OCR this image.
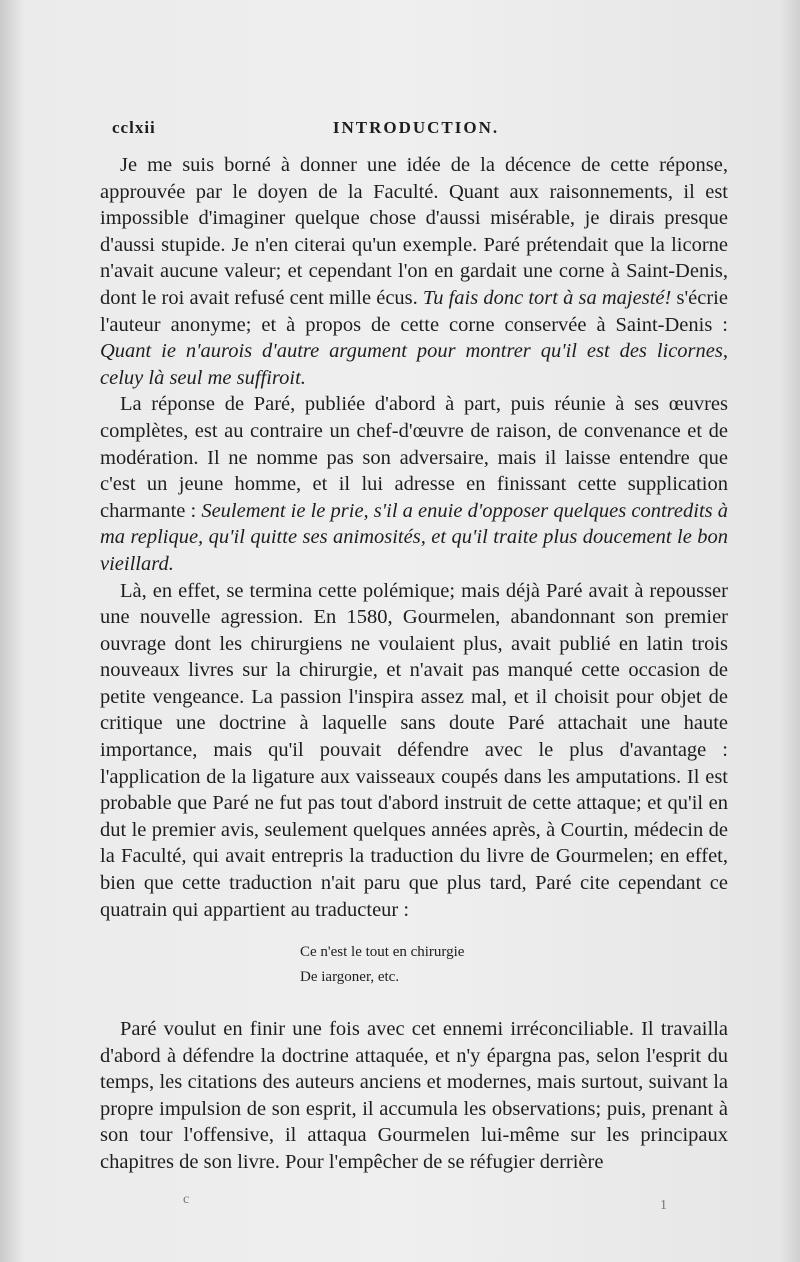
cclxii	INTRODUCTION.

Je me suis borné à donner une idée de la décence de cette réponse, approuvée par le doyen de la Faculté. Quant aux raisonnements, il est impossible d'imaginer quelque chose d'aussi misérable, je dirais presque d'aussi stupide. Je n'en citerai qu'un exemple. Paré prétendait que la licorne n'avait aucune valeur; et cependant l'on en gardait une corne à Saint-Denis, dont le roi avait refusé cent mille écus. Tu fais donc tort à sa majesté! s'écrie l'auteur anonyme; et à propos de cette corne conservée à Saint-Denis : Quant ie n'aurois d'autre argument pour montrer qu'il est des licornes, celuy là seul me suffiroit.

La réponse de Paré, publiée d'abord à part, puis réunie à ses œuvres complètes, est au contraire un chef-d'œuvre de raison, de convenance et de modération. Il ne nomme pas son adversaire, mais il laisse entendre que c'est un jeune homme, et il lui adresse en finissant cette supplication charmante : Seulement ie le prie, s'il a enuie d'opposer quelques contredits à ma replique, qu'il quitte ses animosités, et qu'il traite plus doucement le bon vieillard.

Là, en effet, se termina cette polémique; mais déjà Paré avait à repousser une nouvelle agression. En 1580, Gourmelen, abandonnant son premier ouvrage dont les chirurgiens ne voulaient plus, avait publié en latin trois nouveaux livres sur la chirurgie, et n'avait pas manqué cette occasion de petite vengeance. La passion l'inspira assez mal, et il choisit pour objet de critique une doctrine à laquelle sans doute Paré attachait une haute importance, mais qu'il pouvait défendre avec le plus d'avantage : l'application de la ligature aux vaisseaux coupés dans les amputations. Il est probable que Paré ne fut pas tout d'abord instruit de cette attaque; et qu'il en dut le premier avis, seulement quelques années après, à Courtin, médecin de la Faculté, qui avait entrepris la traduction du livre de Gourmelen; en effet, bien que cette traduction n'ait paru que plus tard, Paré cite cependant ce quatrain qui appartient au traducteur :

Ce n'est le tout en chirurgie
De iargoner, etc.

Paré voulut en finir une fois avec cet ennemi irréconciliable. Il travailla d'abord à défendre la doctrine attaquée, et n'y épargna pas, selon l'esprit du temps, les citations des auteurs anciens et modernes, mais surtout, suivant la propre impulsion de son esprit, il accumula les observations; puis, prenant à son tour l'offensive, il attaqua Gourmelen lui-même sur les principaux chapitres de son livre. Pour l'empêcher de se réfugier derrière

c	1
